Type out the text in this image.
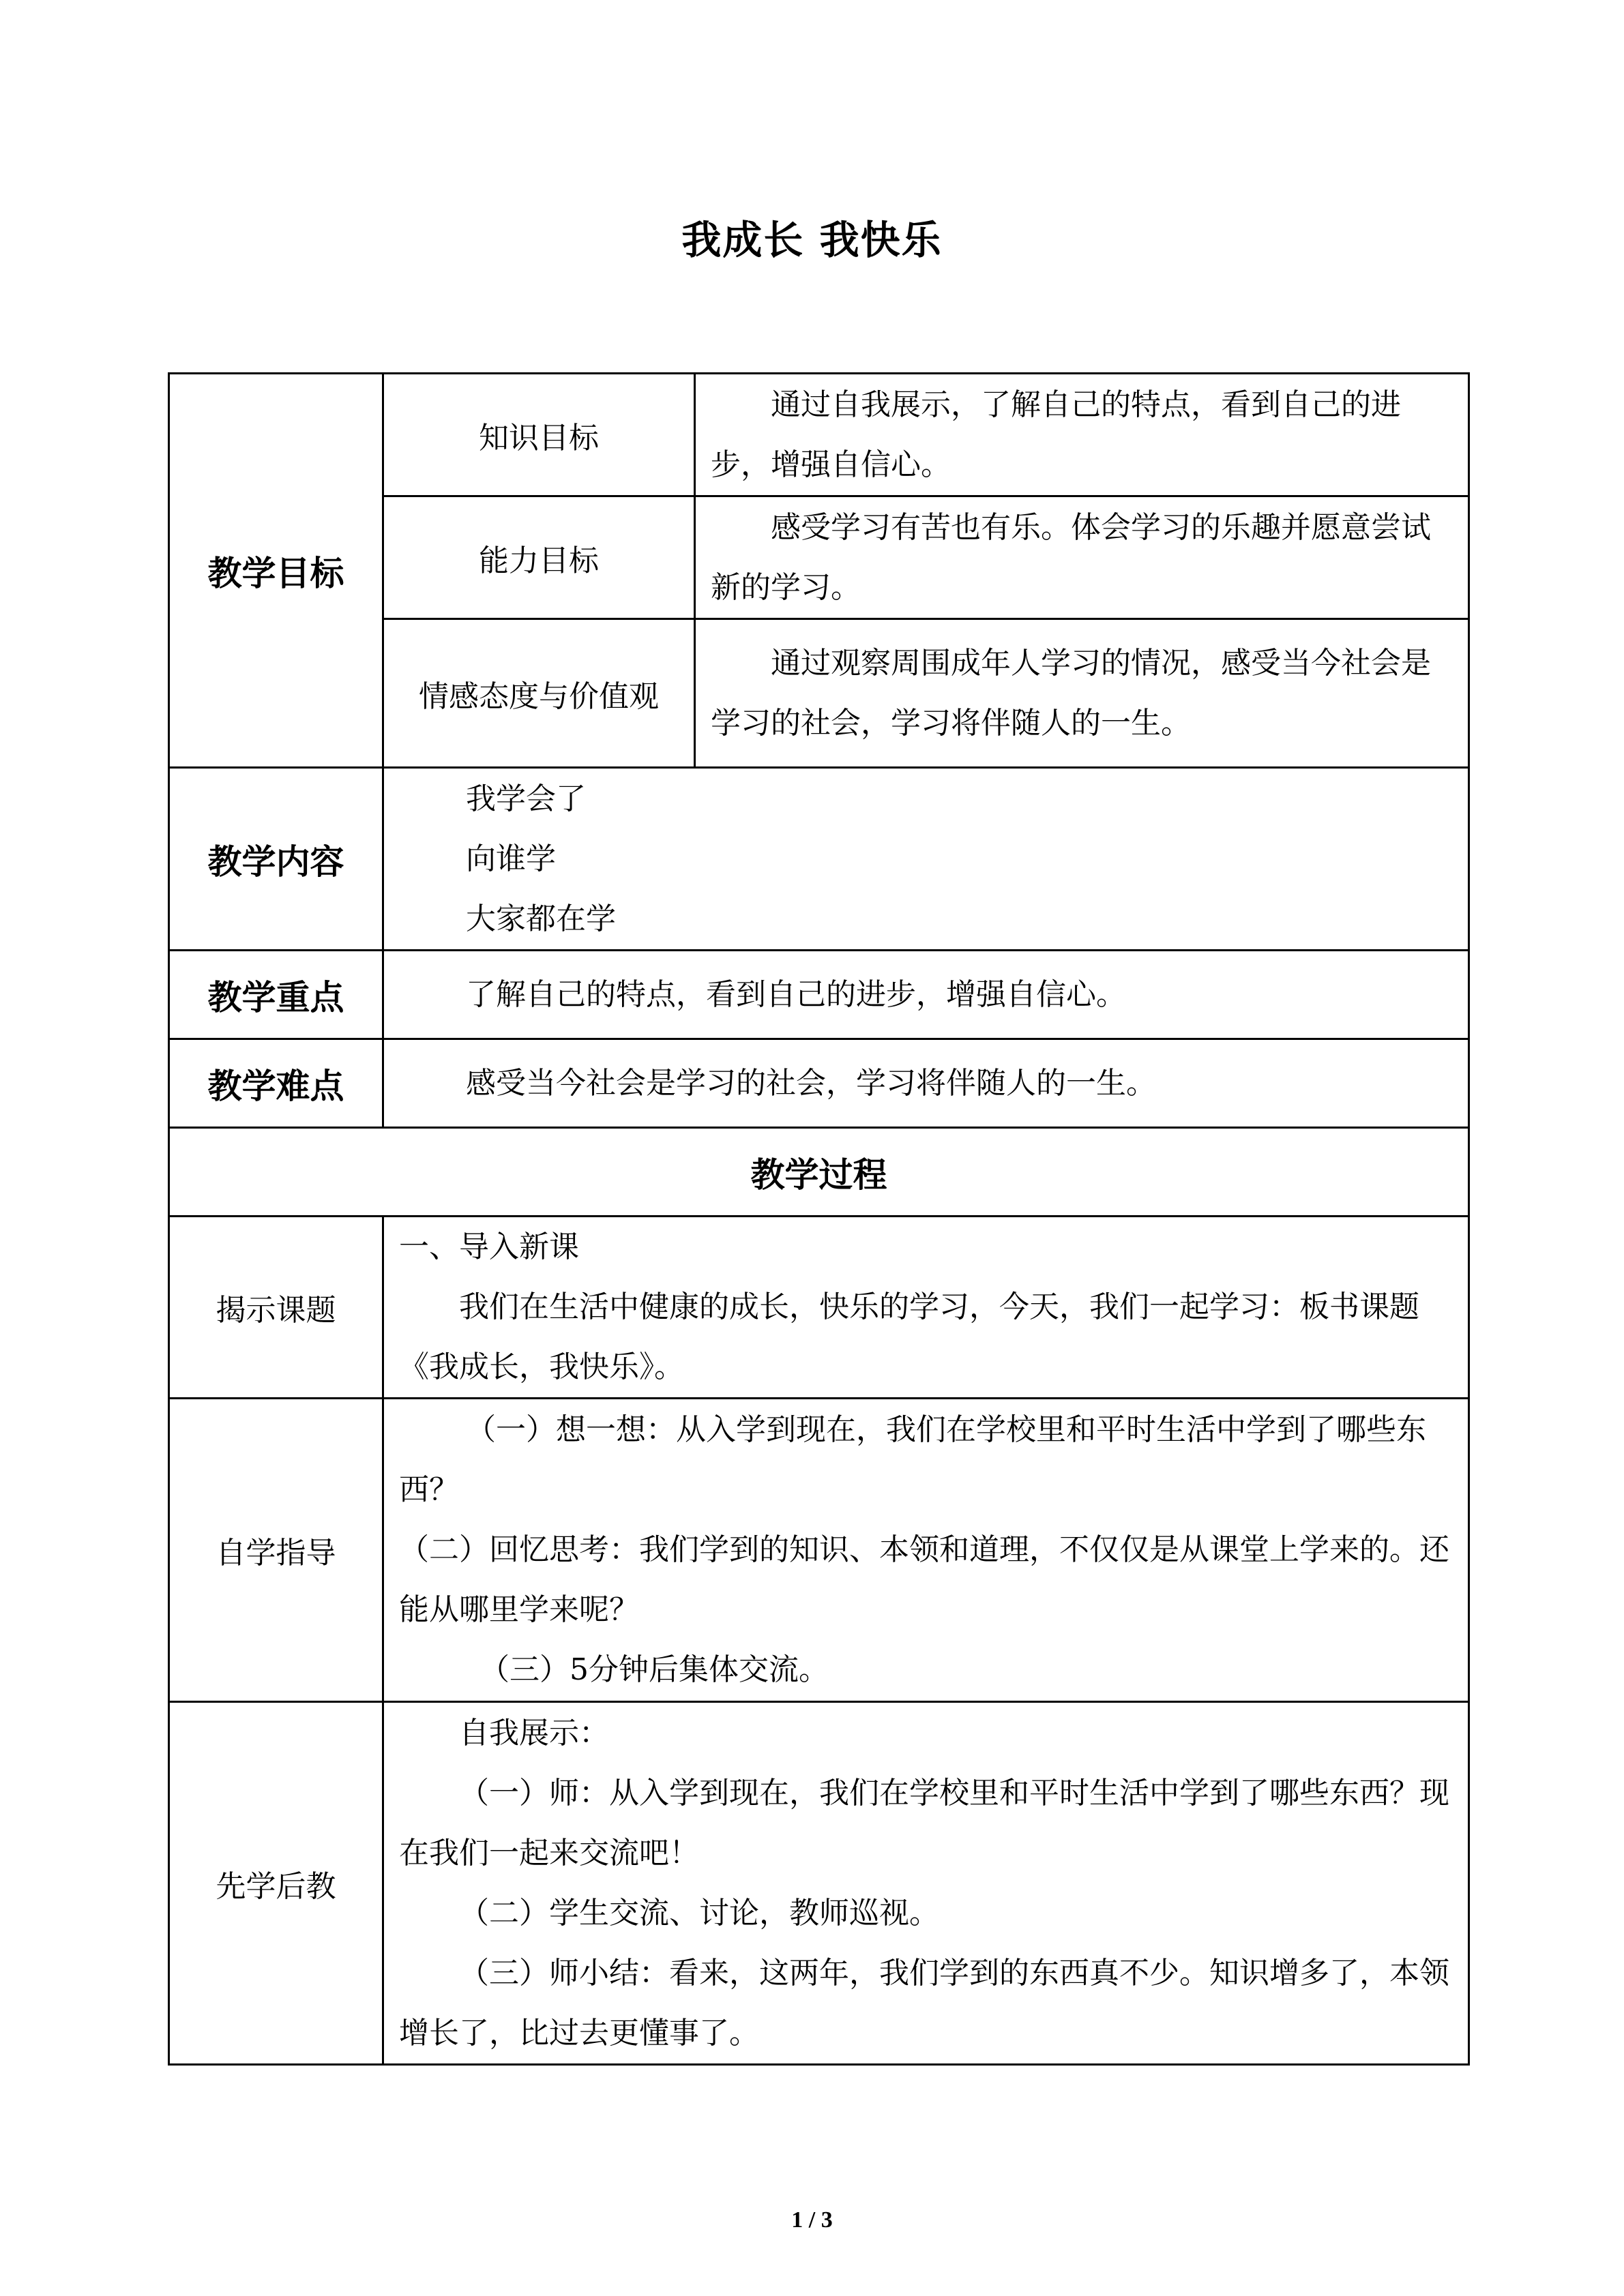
我成长 我快乐
教学目标	知识目标	通过自我展示，了解自己的特点，看到自己的进步，增强自信心。

	能力目标	感受学习有苦也有乐。体会学习的乐趣并愿意尝试新的学习。

	情感态度与价值观	通过观察周围成年人学习的情况，感受当今社会是学习的社会，学习将伴随人的一生。

教学内容	我学会了

向谁学

大家都在学	

教学重点	了解自己的特点，看到自己的进步，增强自信心。	

教学难点	感受当今社会是学习的社会，学习将伴随人的一生。	

教学过程		
揭示课题	一、导入新课

我们在生活中健康的成长，快乐的学习，今天，我们一起学习：板书课题《我成长，我快乐》。	

自学指导	（一）想一想：从入学到现在，我们在学校里和平时生活中学到了哪些东西？

（二）回忆思考：我们学到的知识、本领和道理，不仅仅是从课堂上学来的。还能从哪里学来呢？

（三）5分钟后集体交流。	

先学后教	自我展示：

（一）师：从入学到现在，我们在学校里和平时生活中学到了哪些东西？现在我们一起来交流吧！

（二）学生交流、讨论，教师巡视。

（三）师小结：看来，这两年，我们学到的东西真不少。知识增多了，本领增长了，比过去更懂事了。	

1 / 3
